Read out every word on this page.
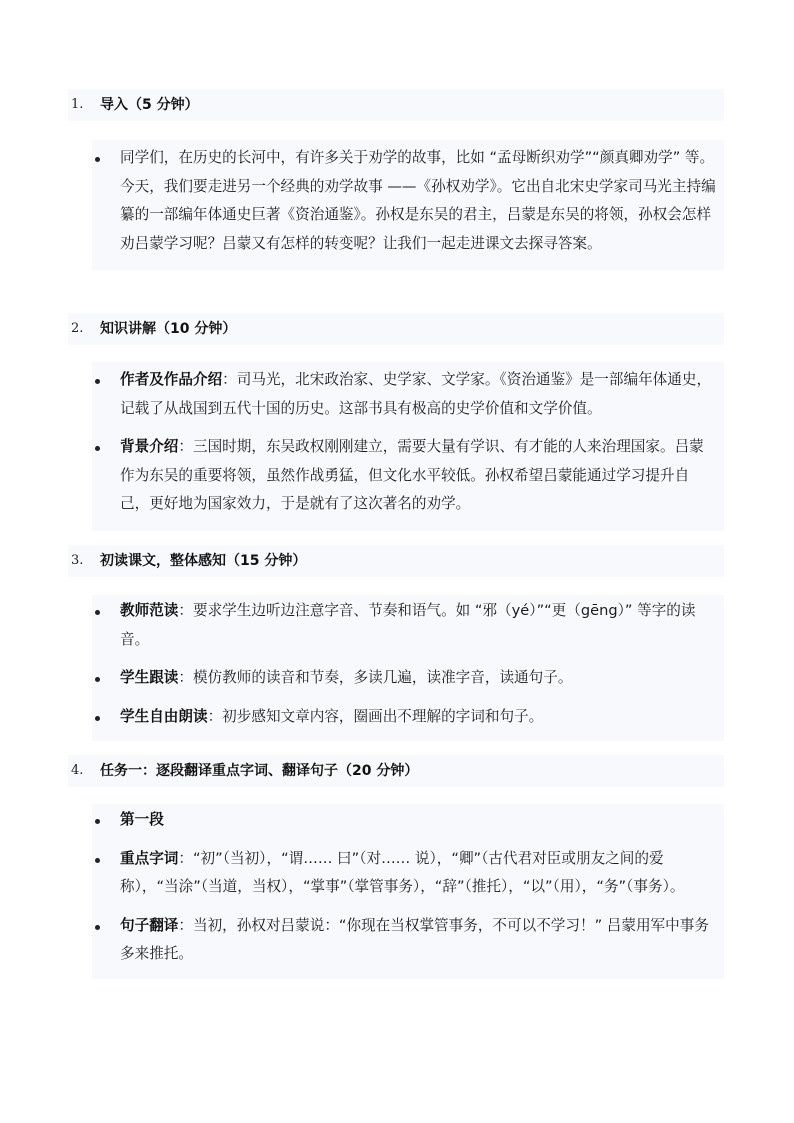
1. 导入（5 分钟）
同学们，在历史的长河中，有许多关于劝学的故事，比如 “孟母断织劝学”“颜真卿劝学” 等。今天，我们要走进另一个经典的劝学故事 ——《孙权劝学》。它出自北宋史学家司马光主持编纂的一部编年体通史巨著《资治通鉴》。孙权是东吴的君主，吕蒙是东吴的将领，孙权会怎样劝吕蒙学习呢？吕蒙又有怎样的转变呢？让我们一起走进课文去探寻答案。
2. 知识讲解（10 分钟）
作者及作品介绍：司马光，北宋政治家、史学家、文学家。《资治通鉴》是一部编年体通史，记载了从战国到五代十国的历史。这部书具有极高的史学价值和文学价值。
背景介绍：三国时期，东吴政权刚刚建立，需要大量有学识、有才能的人来治理国家。吕蒙作为东吴的重要将领，虽然作战勇猛，但文化水平较低。孙权希望吕蒙能通过学习提升自己，更好地为国家效力，于是就有了这次著名的劝学。
3. 初读课文，整体感知（15 分钟）
教师范读：要求学生边听边注意字音、节奏和语气。如 “邪（yé）”“更（gēng）” 等字的读音。
学生跟读：模仿教师的读音和节奏，多读几遍，读准字音，读通句子。
学生自由朗读：初步感知文章内容，圈画出不理解的字词和句子。
4. 任务一：逐段翻译重点字词、翻译句子（20 分钟）
第一段
重点字词：“初”（当初），“谓…… 曰”（对…… 说），“卿”（古代君对臣或朋友之间的爱称），“当涂”（当道，当权），“掌事”（掌管事务），“辞”（推托），“以”（用），“务”（事务）。
句子翻译：当初，孙权对吕蒙说：“你现在当权掌管事务，不可以不学习！” 吕蒙用军中事务多来推托。
